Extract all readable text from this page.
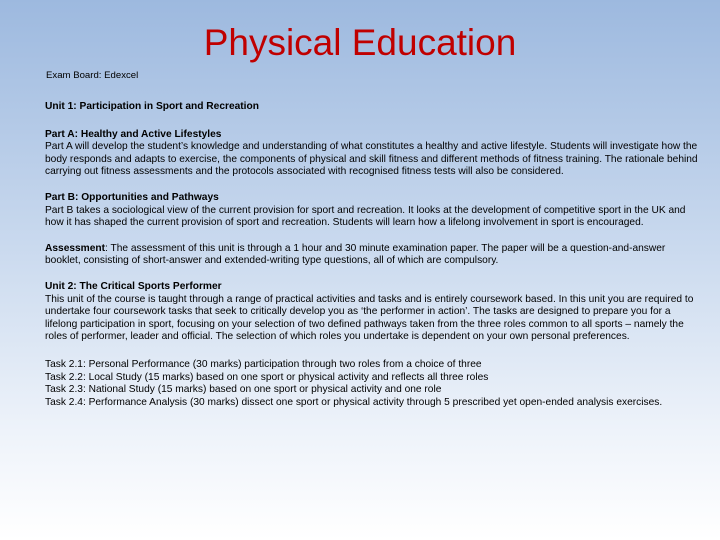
Physical Education
Exam Board: Edexcel

Unit 1: Participation in Sport and Recreation

Part A: Healthy and Active Lifestyles

Part A will develop the student’s knowledge and understanding of what constitutes a healthy and active lifestyle. Students will investigate how the body responds and adapts to exercise, the components of physical and skill fitness and different methods of fitness training. The rationale behind carrying out fitness assessments and the protocols associated with recognised fitness tests will also be considered.

Part B: Opportunities and Pathways

Part B takes a sociological view of the current provision for sport and recreation. It looks at the development of competitive sport in the UK and how it has shaped the current provision of sport and recreation. Students will learn how a lifelong involvement in sport is encouraged.

Assessment: The assessment of this unit is through a 1 hour and 30 minute examination paper. The paper will be a question-and-answer booklet, consisting of short-answer and extended-writing type questions, all of which are compulsory.

Unit 2: The Critical Sports Performer

This unit of the course is taught through a range of practical activities and tasks and is entirely coursework based. In this unit you are required to undertake four coursework tasks that seek to critically develop you as ‘the performer in action’. The tasks are designed to prepare you for a lifelong participation in sport, focusing on your selection of two defined pathways taken from the three roles common to all sports – namely the roles of performer, leader and official. The selection of which roles you undertake is dependent on your own personal preferences.

Task 2.1: Personal Performance (30 marks) participation through two roles from a choice of three

Task 2.2: Local Study (15 marks) based on one sport or physical activity and reflects all three roles

Task 2.3: National Study (15 marks) based on one sport or physical activity and one role

Task 2.4: Performance Analysis (30 marks) dissect one sport or physical activity through 5 prescribed yet open-ended analysis exercises.
